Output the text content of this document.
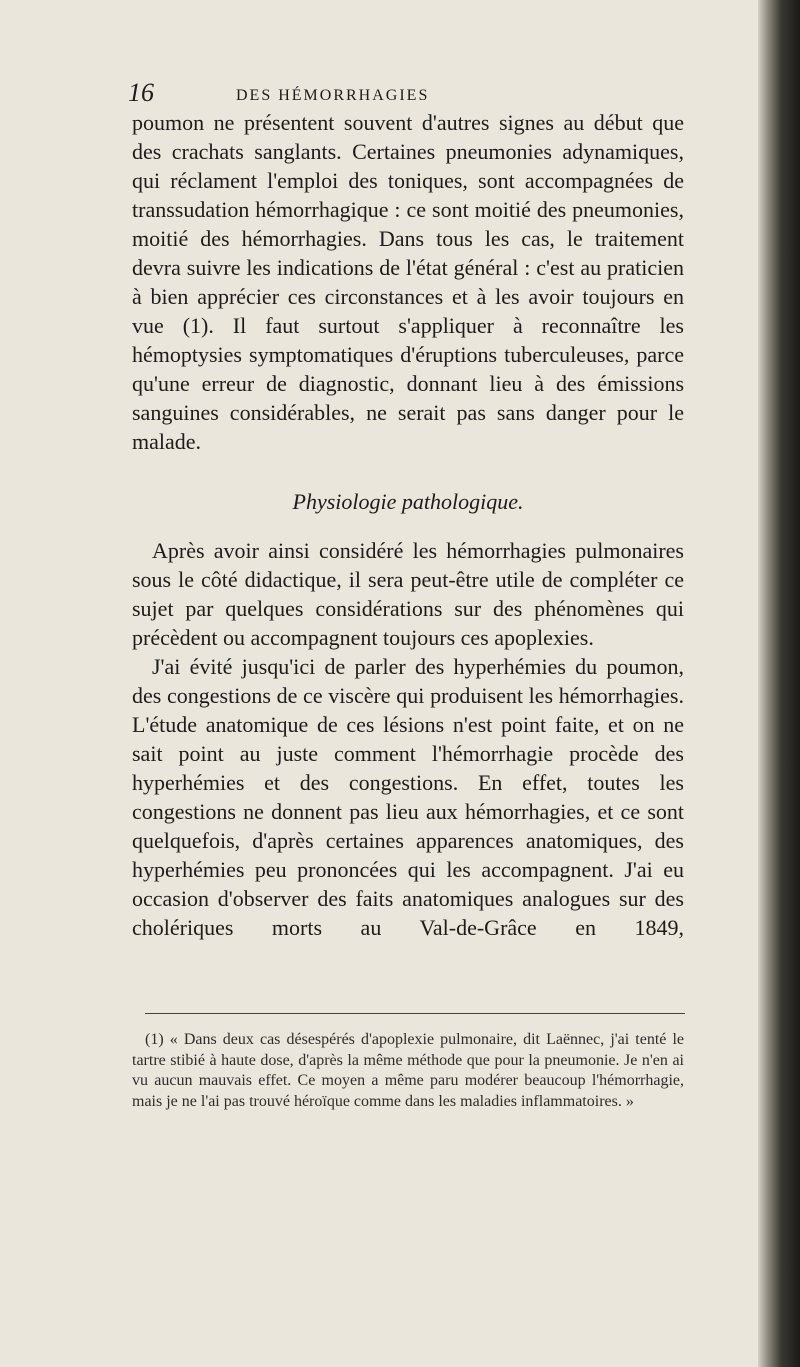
16	DES HÉMORRHAGIES

poumon ne présentent souvent d'autres signes au début que des crachats sanglants. Certaines pneumonies adynamiques, qui réclament l'emploi des toniques, sont accompagnées de transsudation hémorrhagique : ce sont moitié des pneumonies, moitié des hémorrhagies. Dans tous les cas, le traitement devra suivre les indications de l'état général : c'est au praticien à bien apprécier ces circonstances et à les avoir toujours en vue (1). Il faut surtout s'appliquer à reconnaître les hémoptysies symptomatiques d'éruptions tuberculeuses, parce qu'une erreur de diagnostic, donnant lieu à des émissions sanguines considérables, ne serait pas sans danger pour le malade.

Physiologie pathologique.

Après avoir ainsi considéré les hémorrhagies pulmonaires sous le côté didactique, il sera peut-être utile de compléter ce sujet par quelques considérations sur des phénomènes qui précèdent ou accompagnent toujours ces apoplexies.

J'ai évité jusqu'ici de parler des hyperhémies du poumon, des congestions de ce viscère qui produisent les hémorrhagies. L'étude anatomique de ces lésions n'est point faite, et on ne sait point au juste comment l'hémorrhagie procède des hyperhémies et des congestions. En effet, toutes les congestions ne donnent pas lieu aux hémorrhagies, et ce sont quelquefois, d'après certaines apparences anatomiques, des hyperhémies peu prononcées qui les accompagnent. J'ai eu occasion d'observer des faits anatomiques analogues sur des cholériques morts au Val-de-Grâce en 1849,

(1) « Dans deux cas désespérés d'apoplexie pulmonaire, dit Laënnec, j'ai tenté le tartre stibié à haute dose, d'après la même méthode que pour la pneumonie. Je n'en ai vu aucun mauvais effet. Ce moyen a même paru modérer beaucoup l'hémorrhagie, mais je ne l'ai pas trouvé héroïque comme dans les maladies inflammatoires. »
